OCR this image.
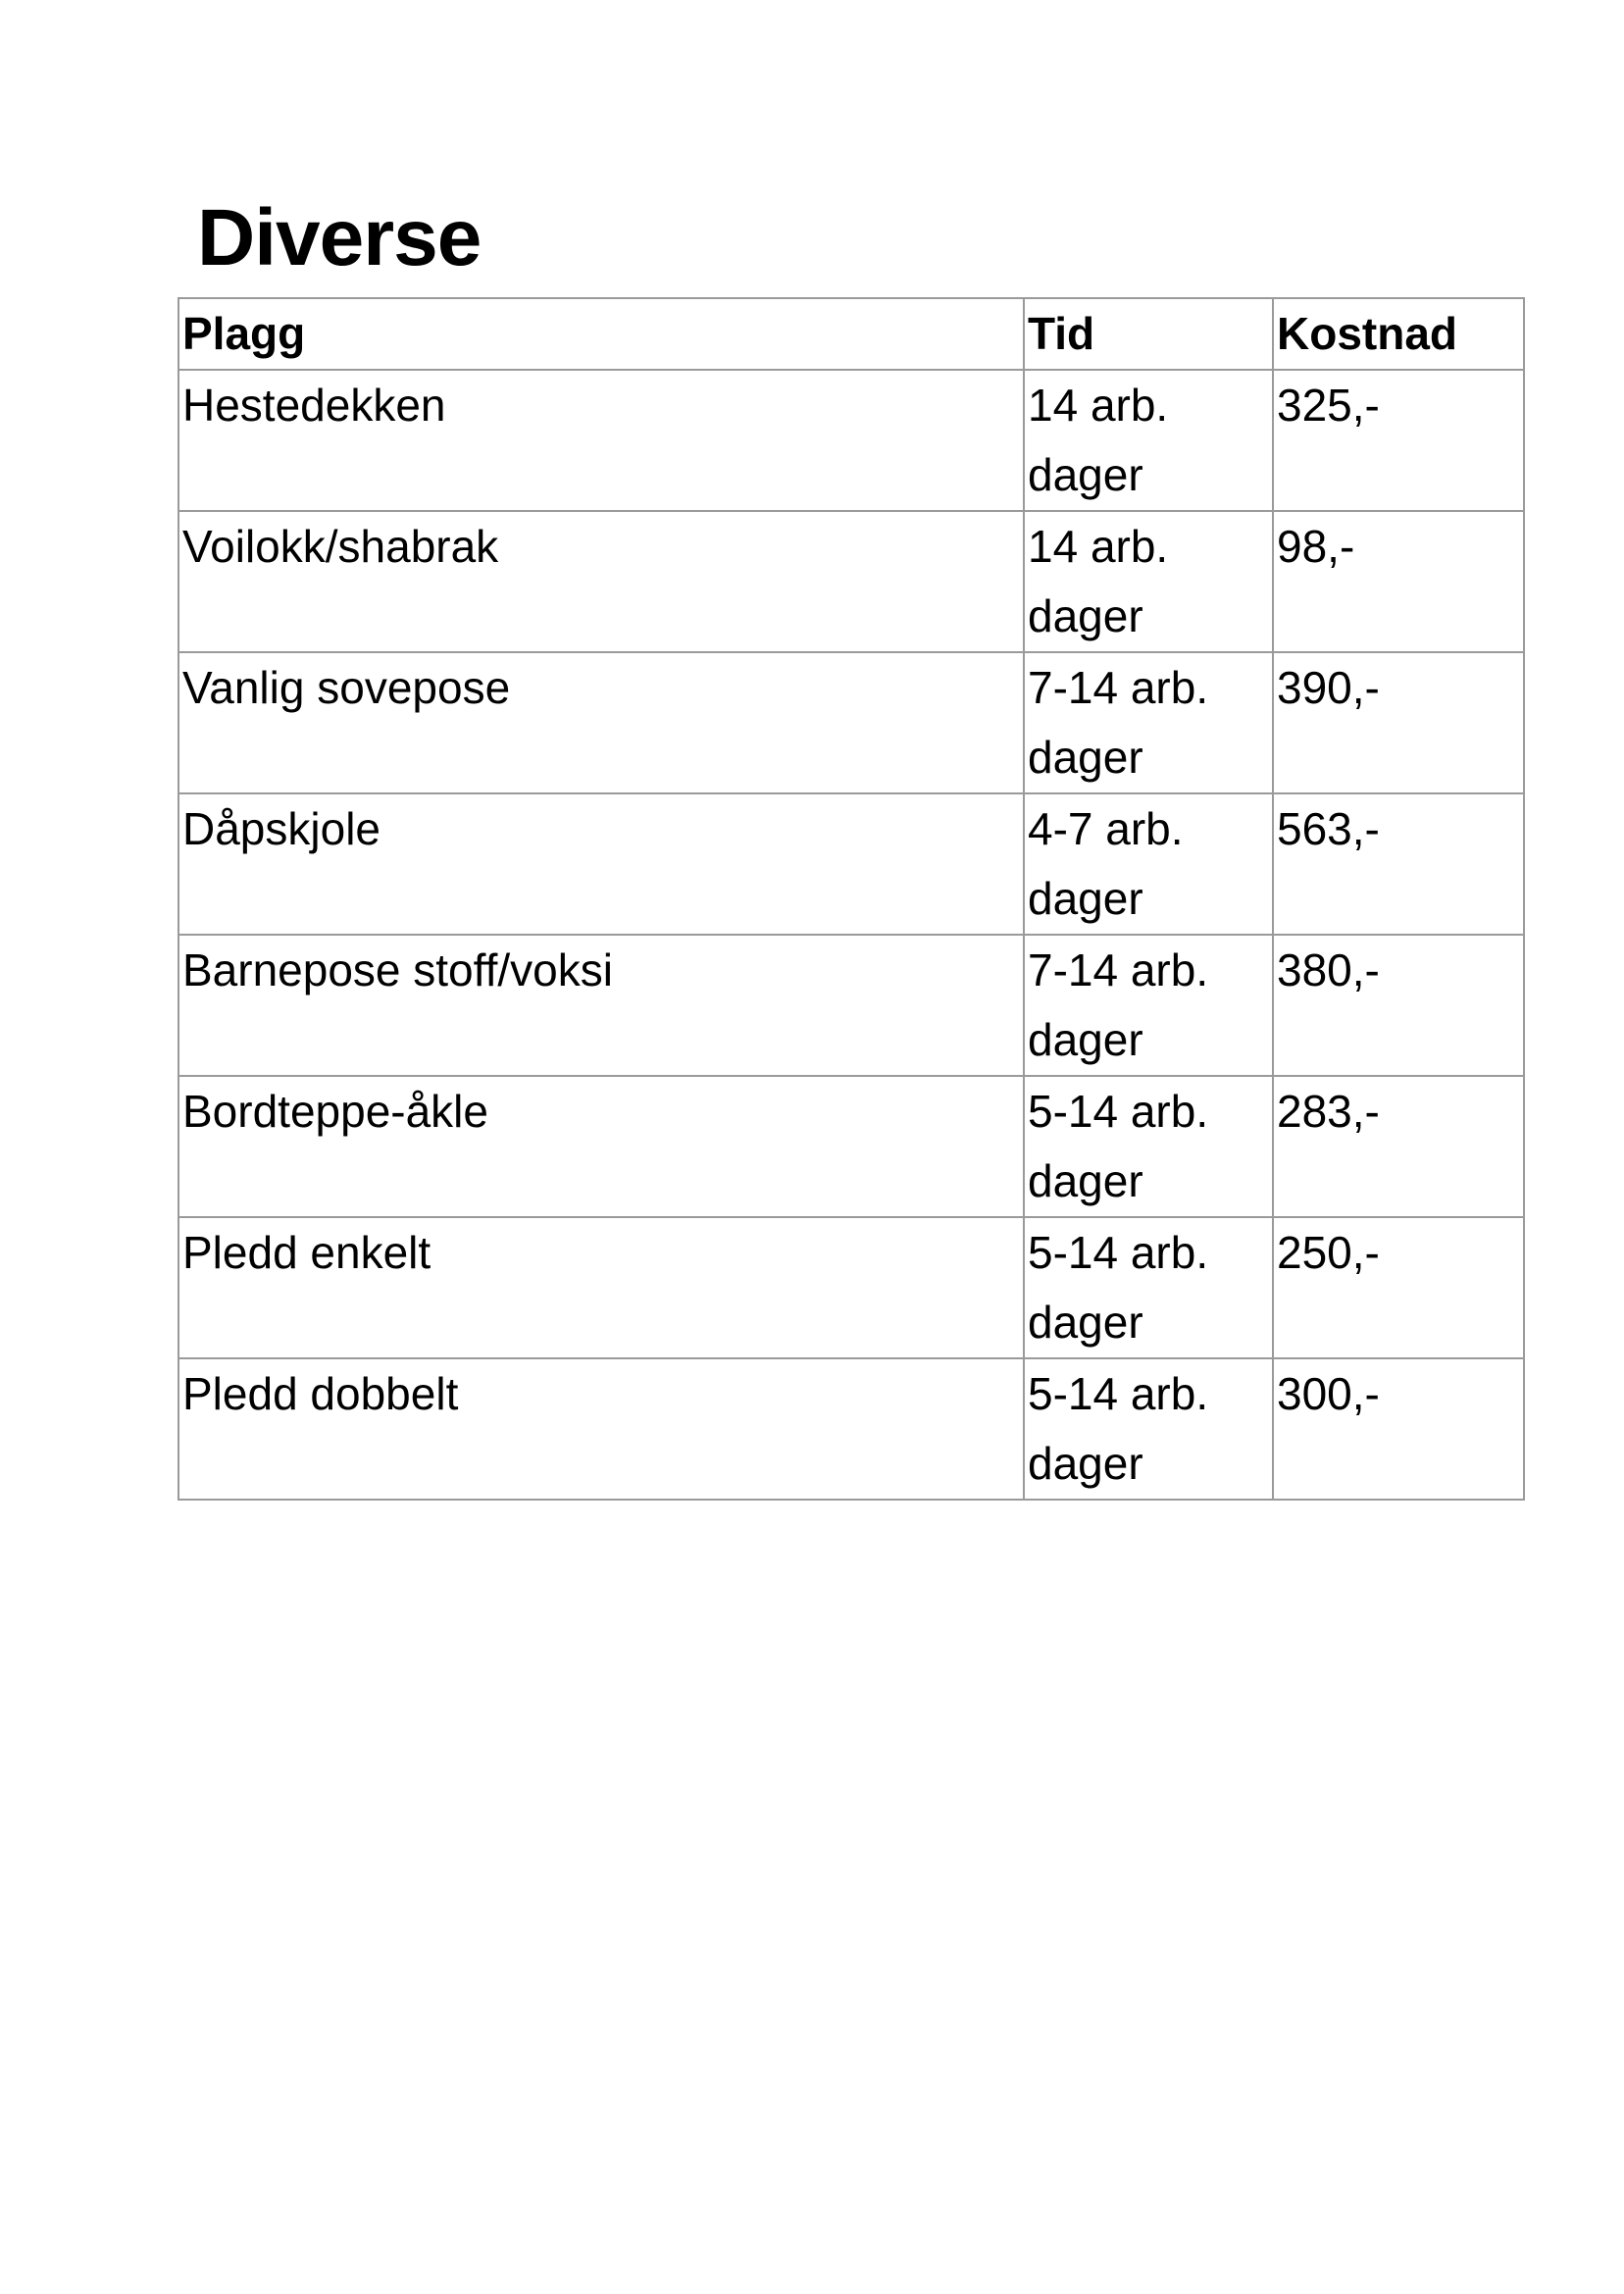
Diverse
Plagg	Tid	Kostnad
Hestedekken	14 arb. dager	325,-
Voilokk/shabrak	14 arb. dager	98,-
Vanlig sovepose	7-14 arb. dager	390,-
Dåpskjole	4-7 arb. dager	563,-
Barnepose stoff/voksi	7-14 arb. dager	380,-
Bordteppe-åkle	5-14 arb. dager	283,-
Pledd enkelt	5-14 arb. dager	250,-
Pledd dobbelt	5-14 arb. dager	300,-
